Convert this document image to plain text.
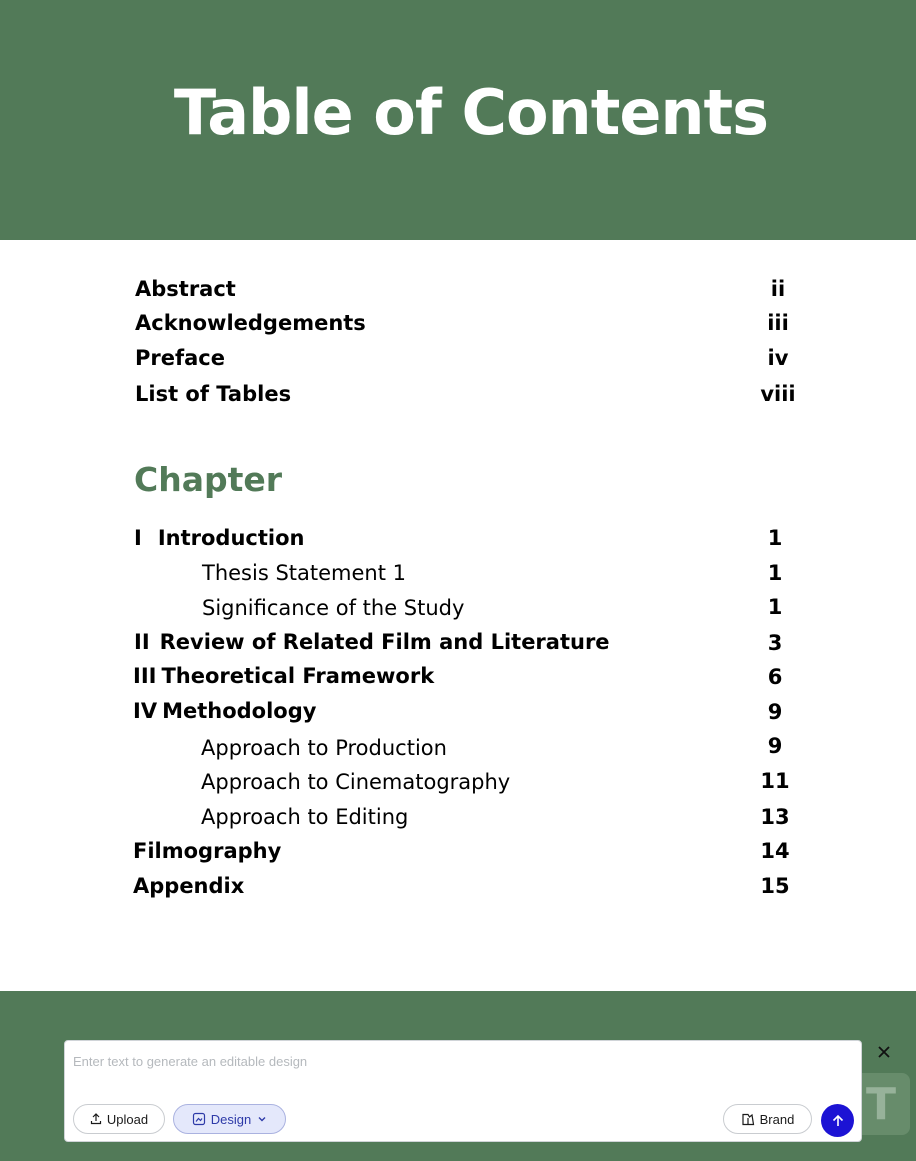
Table of Contents
Abstract	ii
Acknowledgements	iii
Preface	iv
List of Tables	viii
Chapter
I Introduction	1
Thesis Statement 1	1
Significance of the Study	1
II Review of Related Film and Literature	3
III Theoretical Framework	6
IV Methodology	9
Approach to Production	9
Approach to Cinematography	11
Approach to Editing	13
Filmography	14
Appendix	15
T
Enter text to generate an editable design
Upload	Design	Brand
